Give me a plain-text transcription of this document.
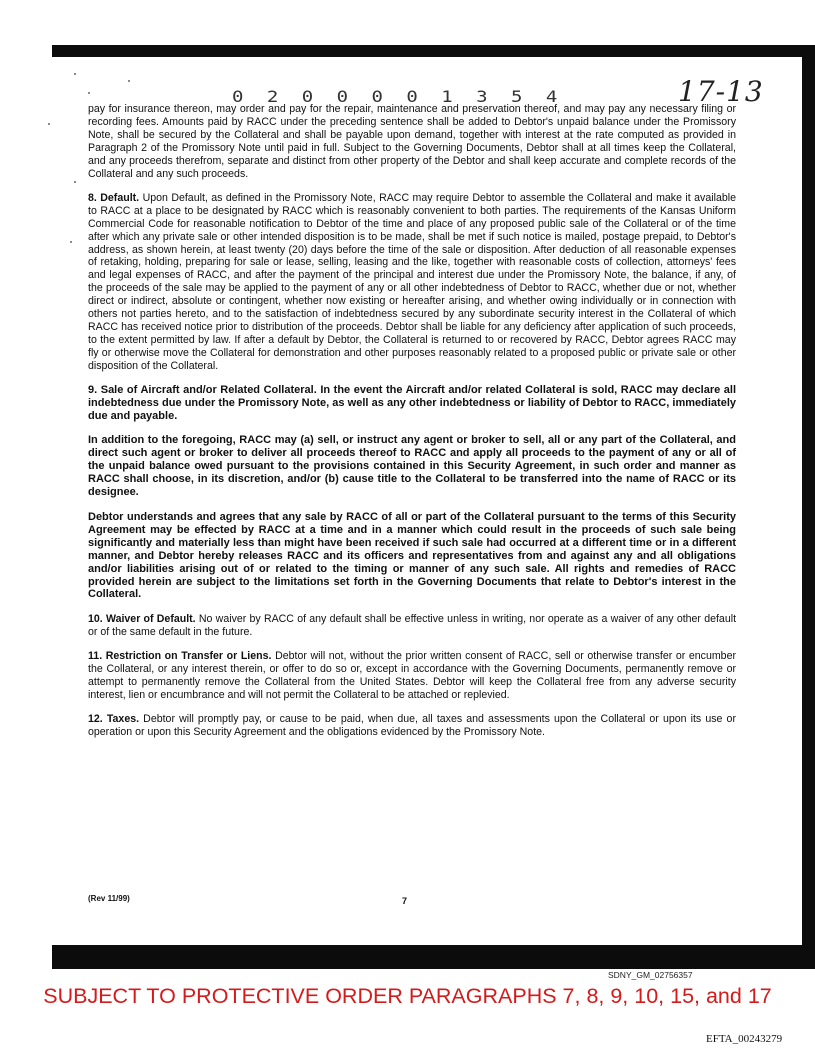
0 2 0 0 0 0 1 3 5 4	17-13

pay for insurance thereon, may order and pay for the repair, maintenance and preservation thereof, and may pay any necessary filing or recording fees. Amounts paid by RACC under the preceding sentence shall be added to Debtor's unpaid balance under the Promissory Note, shall be secured by the Collateral and shall be payable upon demand, together with interest at the rate computed as provided in Paragraph 2 of the Promissory Note until paid in full. Subject to the Governing Documents, Debtor shall at all times keep the Collateral, and any proceeds therefrom, separate and distinct from other property of the Debtor and shall keep accurate and complete records of the Collateral and any such proceeds.

8. Default. Upon Default, as defined in the Promissory Note, RACC may require Debtor to assemble the Collateral and make it available to RACC at a place to be designated by RACC which is reasonably convenient to both parties. The requirements of the Kansas Uniform Commercial Code for reasonable notification to Debtor of the time and place of any proposed public sale of the Collateral or of the time after which any private sale or other intended disposition is to be made, shall be met if such notice is mailed, postage prepaid, to Debtor's address, as shown herein, at least twenty (20) days before the time of the sale or disposition. After deduction of all reasonable expenses of retaking, holding, preparing for sale or lease, selling, leasing and the like, together with reasonable costs of collection, attorneys' fees and legal expenses of RACC, and after the payment of the principal and interest due under the Promissory Note, the balance, if any, of the proceeds of the sale may be applied to the payment of any or all other indebtedness of Debtor to RACC, whether due or not, whether direct or indirect, absolute or contingent, whether now existing or hereafter arising, and whether owing individually or in connection with others not parties hereto, and to the satisfaction of indebtedness secured by any subordinate security interest in the Collateral of which RACC has received notice prior to distribution of the proceeds. Debtor shall be liable for any deficiency after application of such proceeds, to the extent permitted by law. If after a default by Debtor, the Collateral is returned to or recovered by RACC, Debtor agrees RACC may fly or otherwise move the Collateral for demonstration and other purposes reasonably related to a proposed public or private sale or other disposition of the Collateral.

9. Sale of Aircraft and/or Related Collateral. In the event the Aircraft and/or related Collateral is sold, RACC may declare all indebtedness due under the Promissory Note, as well as any other indebtedness or liability of Debtor to RACC, immediately due and payable.

In addition to the foregoing, RACC may (a) sell, or instruct any agent or broker to sell, all or any part of the Collateral, and direct such agent or broker to deliver all proceeds thereof to RACC and apply all proceeds to the payment of any or all of the unpaid balance owed pursuant to the provisions contained in this Security Agreement, in such order and manner as RACC shall choose, in its discretion, and/or (b) cause title to the Collateral to be transferred into the name of RACC or its designee.

Debtor understands and agrees that any sale by RACC of all or part of the Collateral pursuant to the terms of this Security Agreement may be effected by RACC at a time and in a manner which could result in the proceeds of such sale being significantly and materially less than might have been received if such sale had occurred at a different time or in a different manner, and Debtor hereby releases RACC and its officers and representatives from and against any and all obligations and/or liabilities arising out of or related to the timing or manner of any such sale. All rights and remedies of RACC provided herein are subject to the limitations set forth in the Governing Documents that relate to Debtor's interest in the Collateral.

10. Waiver of Default. No waiver by RACC of any default shall be effective unless in writing, nor operate as a waiver of any other default or of the same default in the future.

11. Restriction on Transfer or Liens. Debtor will not, without the prior written consent of RACC, sell or otherwise transfer or encumber the Collateral, or any interest therein, or offer to do so or, except in accordance with the Governing Documents, permanently remove or attempt to permanently remove the Collateral from the United States. Debtor will keep the Collateral free from any adverse security interest, lien or encumbrance and will not permit the Collateral to be attached or replevied.

12. Taxes. Debtor will promptly pay, or cause to be paid, when due, all taxes and assessments upon the Collateral or upon its use or operation or upon this Security Agreement and the obligations evidenced by the Promissory Note.

(Rev 11/99)	7
SDNY_GM_02756357
SUBJECT TO PROTECTIVE ORDER PARAGRAPHS 7, 8, 9, 10, 15, and 17
EFTA_00243279
